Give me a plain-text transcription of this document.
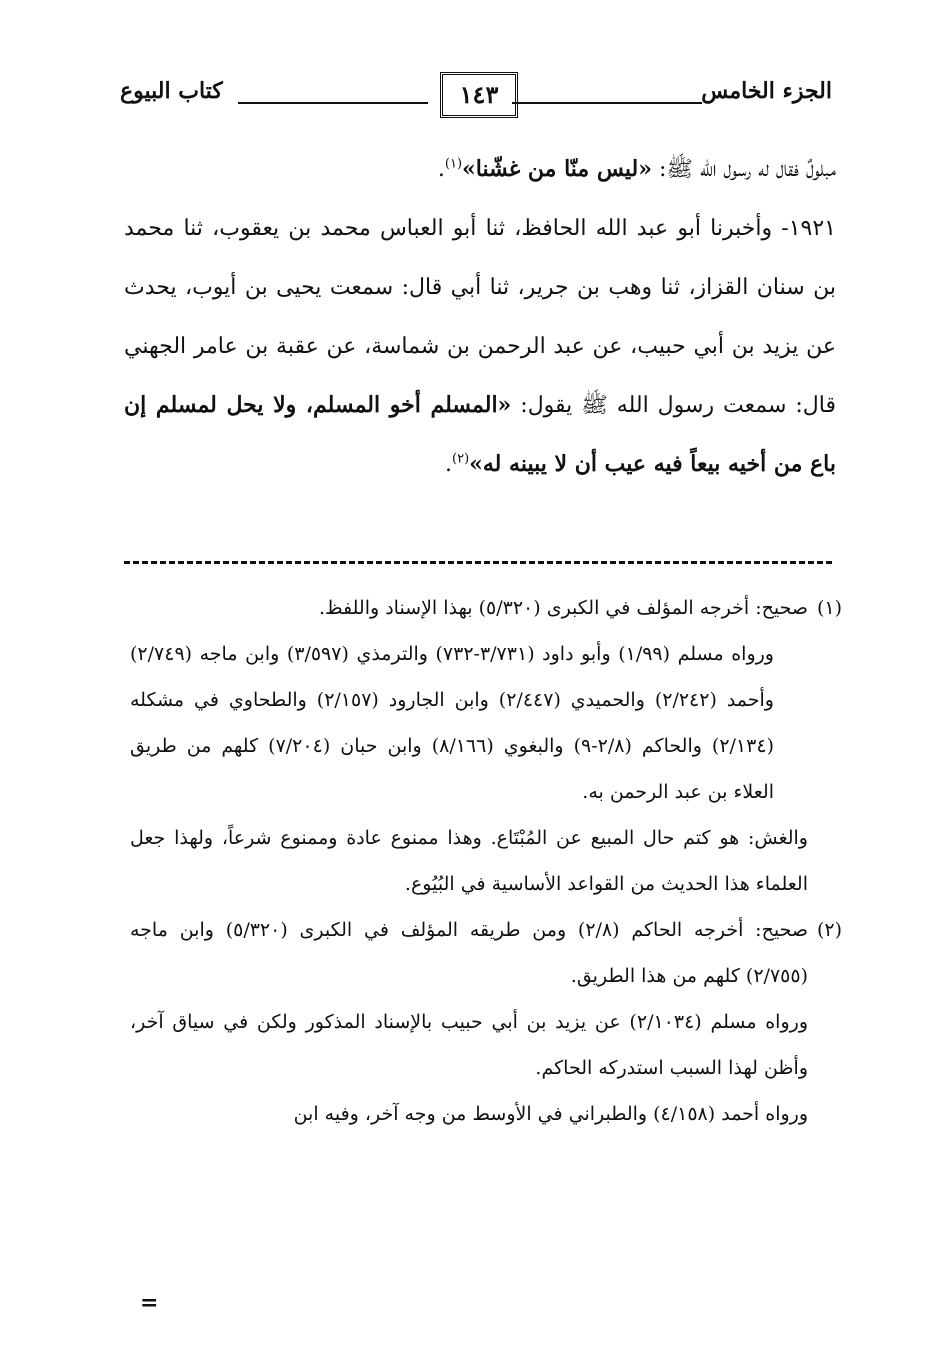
الجزء الخامس
١٤٣
كتاب البيوع

مبلولٌ فقال له رسول الله ﷺ: «ليس منّا من غشّنا»$^{(١)}$.

١٩٢١- وأخبرنا أبو عبد الله الحافظ، ثنا أبو العباس محمد بن يعقوب، ثنا محمد بن سنان القزاز، ثنا وهب بن جرير، ثنا أبي قال: سمعت يحيى بن أيوب، يحدث عن يزيد بن أبي حبيب، عن عبد الرحمن بن شماسة، عن عقبة بن عامر الجهني قال: سمعت رسول الله ﷺ يقول: «المسلم أخو المسلم، ولا يحل لمسلم إن باع من أخيه بيعاً فيه عيب أن لا يبينه له»$^{(٢)}$.

(١)

صحيح: أخرجه المؤلف في الكبرى (٥/٣٢٠) بهذا الإسناد واللفظ.

ورواه مسلم (١/٩٩) وأبو داود (٣/٧٣١-٧٣٢) والترمذي (٣/٥٩٧) وابن ماجه (٢/٧٤٩) وأحمد (٢/٢٤٢) والحميدي (٢/٤٤٧) وابن الجارود (٢/١٥٧) والطحاوي في مشكله (٢/١٣٤) والحاكم (٢/٨-٩) والبغوي (٨/١٦٦) وابن حبان (٧/٢٠٤) كلهم من طريق العلاء بن عبد الرحمن به.

والغش: هو كتم حال المبيع عن المُبْتَاع. وهذا ممنوع عادة وممنوع شرعاً، ولهذا جعل العلماء هذا الحديث من القواعد الأساسية في البُيُوع.

(٢)

صحيح: أخرجه الحاكم (٢/٨) ومن طريقه المؤلف في الكبرى (٥/٣٢٠) وابن ماجه (٢/٧٥٥) كلهم من هذا الطريق.

ورواه مسلم (٢/١٠٣٤) عن يزيد بن أبي حبيب بالإسناد المذكور ولكن في سياق آخر، وأظن لهذا السبب استدركه الحاكم.

ورواه أحمد (٤/١٥٨) والطبراني في الأوسط من وجه آخر، وفيه ابن

=
